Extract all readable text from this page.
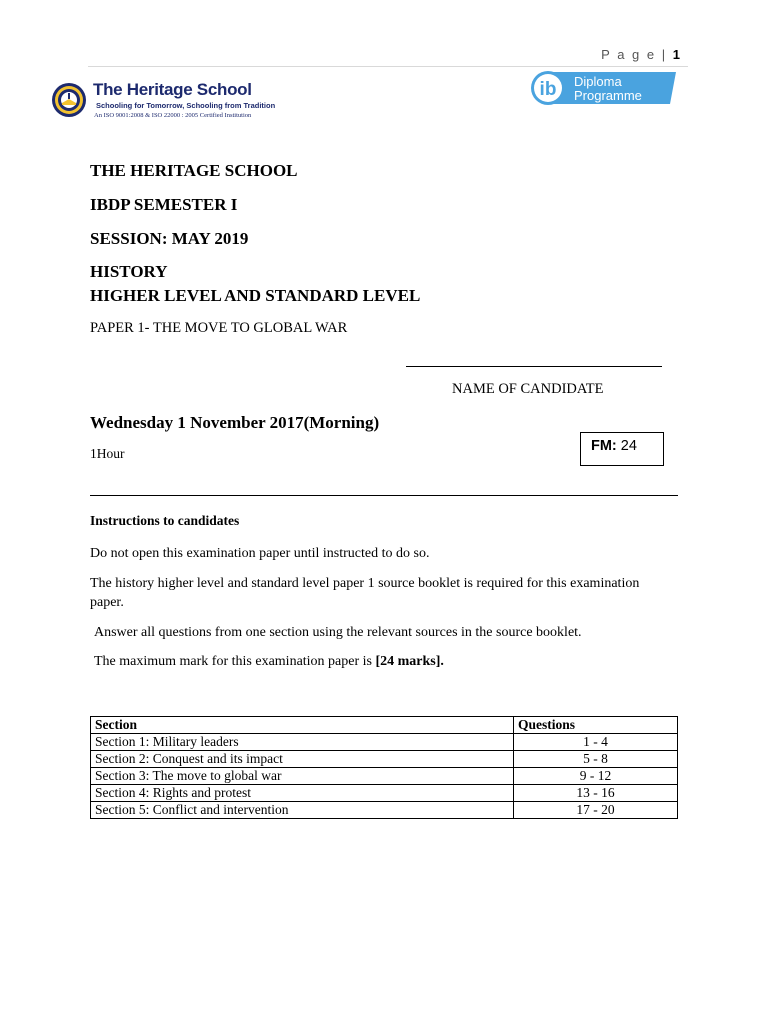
P a g e | 1
The Heritage School
Schooling for Tomorrow, Schooling from Tradition
An ISO 9001:2008 & ISO 22000 : 2005 Certified Institution
ib Diploma
Programme
THE HERITAGE SCHOOL
IBDP SEMESTER I
SESSION: MAY 2019
HISTORY
HIGHER LEVEL AND STANDARD LEVEL
PAPER 1- THE MOVE TO GLOBAL WAR
NAME OF CANDIDATE
Wednesday 1 November 2017(Morning)
1Hour	FM: 24
Instructions to candidates
Do not open this examination paper until instructed to do so.
The history higher level and standard level paper 1 source booklet is required for this examination paper.
Answer all questions from one section using the relevant sources in the source booklet.
The maximum mark for this examination paper is [24 marks].
Section	Questions
Section 1: Military leaders	1 - 4
Section 2: Conquest and its impact	5 - 8
Section 3: The move to global war	9 - 12
Section 4: Rights and protest	13 - 16
Section 5: Conflict and intervention	17 - 20
